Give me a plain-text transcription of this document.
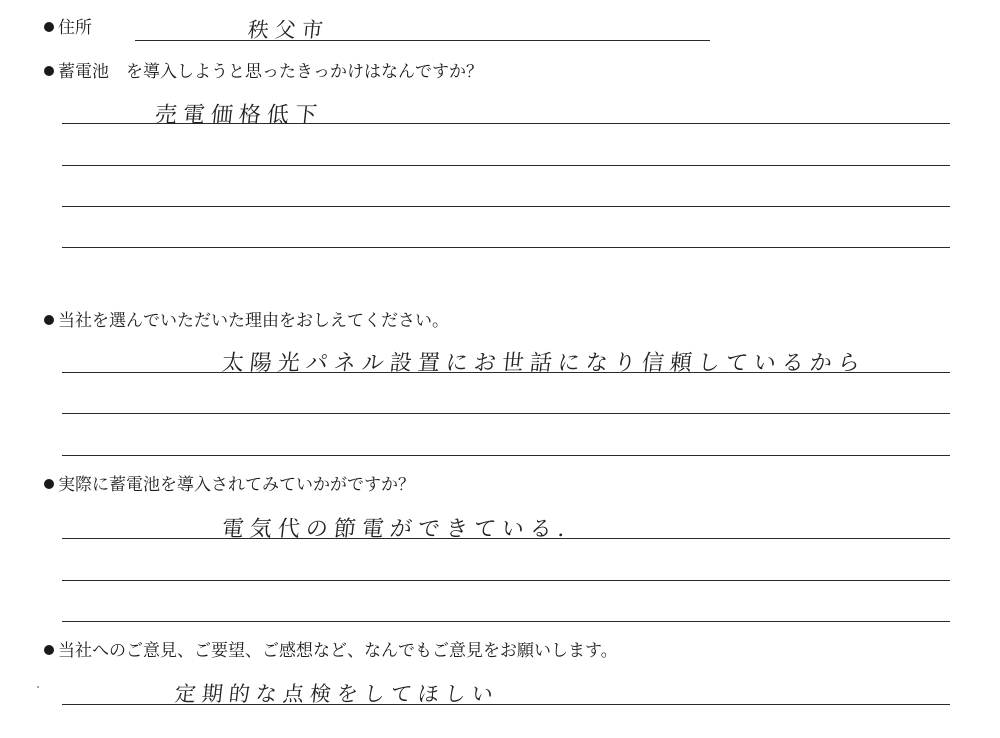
住所	秩父市
蓄電池　を導入しようと思ったきっかけはなんですか？
売電価格低下
当社を選んでいただいた理由をおしえてください。
太陽光パネル設置にお世話になり信頼しているから
実際に蓄電池を導入されてみていかがですか？
電気代の節電ができている.
当社へのご意見、ご要望、ご感想など、なんでもご意見をお願いします。
定期的な点検をしてほしい
